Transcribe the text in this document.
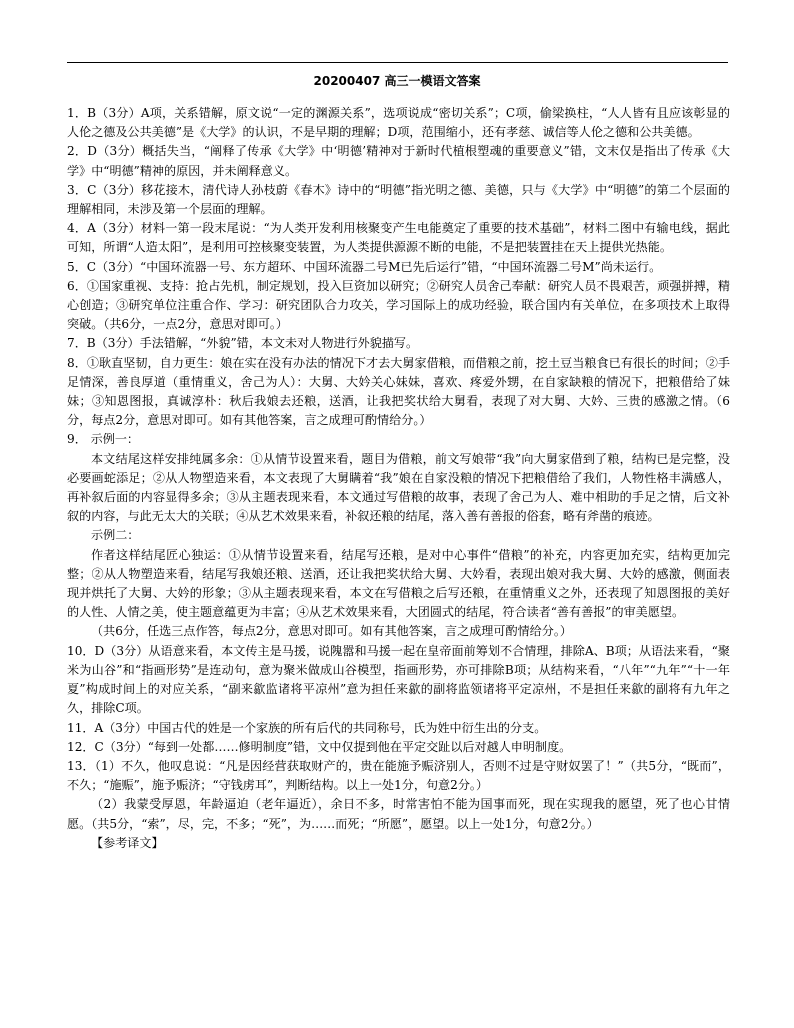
20200407 高三一模语文答案

1．B（3分）A项，关系错解，原文说“一定的渊源关系”，选项说成“密切关系”；C项，偷梁换柱，“人人皆有且应该彰显的人伦之德及公共美德”是《大学》的认识，不是早期的理解；D项，范围缩小，还有孝慈、诚信等人伦之德和公共美德。

2．D（3分）概括失当，“阐释了传承《大学》中‘明德’精神对于新时代植根塑魂的重要意义”错，文末仅是指出了传承《大学》中“明德”精神的原因，并未阐释意义。

3．C（3分）移花接木，清代诗人孙枝蔚《春木》诗中的“明德”指光明之德、美德，只与《大学》中“明德”的第二个层面的理解相同，未涉及第一个层面的理解。

4．A（3分）材料一第一段末尾说：“为人类开发利用核聚变产生电能奠定了重要的技术基础”，材料二图中有输电线，据此可知，所谓“人造太阳”，是利用可控核聚变装置，为人类提供源源不断的电能，不是把装置挂在天上提供光热能。

5．C（3分）“中国环流器一号、东方超环、中国环流器二号M已先后运行”错，“中国环流器二号M”尚未运行。

6．①国家重视、支持：抢占先机，制定规划，投入巨资加以研究；②研究人员舍己奉献：研究人员不畏艰苦，顽强拼搏，精心创造；③研究单位注重合作、学习：研究团队合力攻关，学习国际上的成功经验，联合国内有关单位，在多项技术上取得突破。（共6分，一点2分，意思对即可。）

7．B（3分）手法错解，“外貌”错，本文未对人物进行外貌描写。

8．①耿直坚韧，自力更生：娘在实在没有办法的情况下才去大舅家借粮，而借粮之前，挖土豆当粮食已有很长的时间；②手足情深，善良厚道（重情重义，舍己为人）：大舅、大妗关心妹妹，喜欢、疼爱外甥，在自家缺粮的情况下，把粮借给了妹妹；③知恩图报，真诚淳朴：秋后我娘去还粮，送酒，让我把奖状给大舅看，表现了对大舅、大妗、三贵的感激之情。（6分，每点2分，意思对即可。如有其他答案，言之成理可酌情给分。）

9． 示例一：

本文结尾这样安排纯属多余：①从情节设置来看，题目为借粮，前文写娘带“我”向大舅家借到了粮，结构已是完整，没必要画蛇添足；②从人物塑造来看，本文表现了大舅瞒着“我”娘在自家没粮的情况下把粮借给了我们，人物性格丰满感人，再补叙后面的内容显得多余；③从主题表现来看，本文通过写借粮的故事，表现了舍己为人、难中相助的手足之情，后文补叙的内容，与此无太大的关联；④从艺术效果来看，补叙还粮的结尾，落入善有善报的俗套，略有斧凿的痕迹。

示例二：

作者这样结尾匠心独运：①从情节设置来看，结尾写还粮，是对中心事件“借粮”的补充，内容更加充实，结构更加完整；②从人物塑造来看，结尾写我娘还粮、送酒，还让我把奖状给大舅、大妗看，表现出娘对我大舅、大妗的感激，侧面表现并烘托了大舅、大妗的形象；③从主题表现来看，本文在写借粮之后写还粮，在重情重义之外，还表现了知恩图报的美好的人性、人情之美，使主题意蕴更为丰富；④从艺术效果来看，大团圆式的结尾，符合读者“善有善报”的审美愿望。

（共6分，任选三点作答，每点2分，意思对即可。如有其他答案，言之成理可酌情给分。）

10．D（3分）从语意来看，本文传主是马援，说隗嚣和马援一起在皇帝面前筹划不合情理，排除A、B项；从语法来看，“聚米为山谷”和“指画形势”是连动句，意为聚米做成山谷模型，指画形势，亦可排除B项；从结构来看，“八年”“九年”“十一年夏”构成时间上的对应关系，“副来歙监诸将平凉州”意为担任来歙的副将监领诸将平定凉州，不是担任来歙的副将有九年之久，排除C项。

11．A（3分）中国古代的姓是一个家族的所有后代的共同称号，氏为姓中衍生出的分支。

12．C（3分）“每到一处都……修明制度”错，文中仅提到他在平定交趾以后对越人申明制度。

13．（1）不久，他叹息说：“凡是因经营获取财产的，贵在能施予赈济别人，否则不过是守财奴罢了！”（共5分，“既而”，不久；“施赈”，施予赈济；“守钱虏耳”，判断结构。以上一处1分，句意2分。）

（2）我蒙受厚恩，年龄逼迫（老年逼近），余日不多，时常害怕不能为国事而死，现在实现我的愿望，死了也心甘情愿。（共5分，“索”，尽，完，不多；“死”，为……而死；“所愿”，愿望。以上一处1分，句意2分。）

【参考译文】
